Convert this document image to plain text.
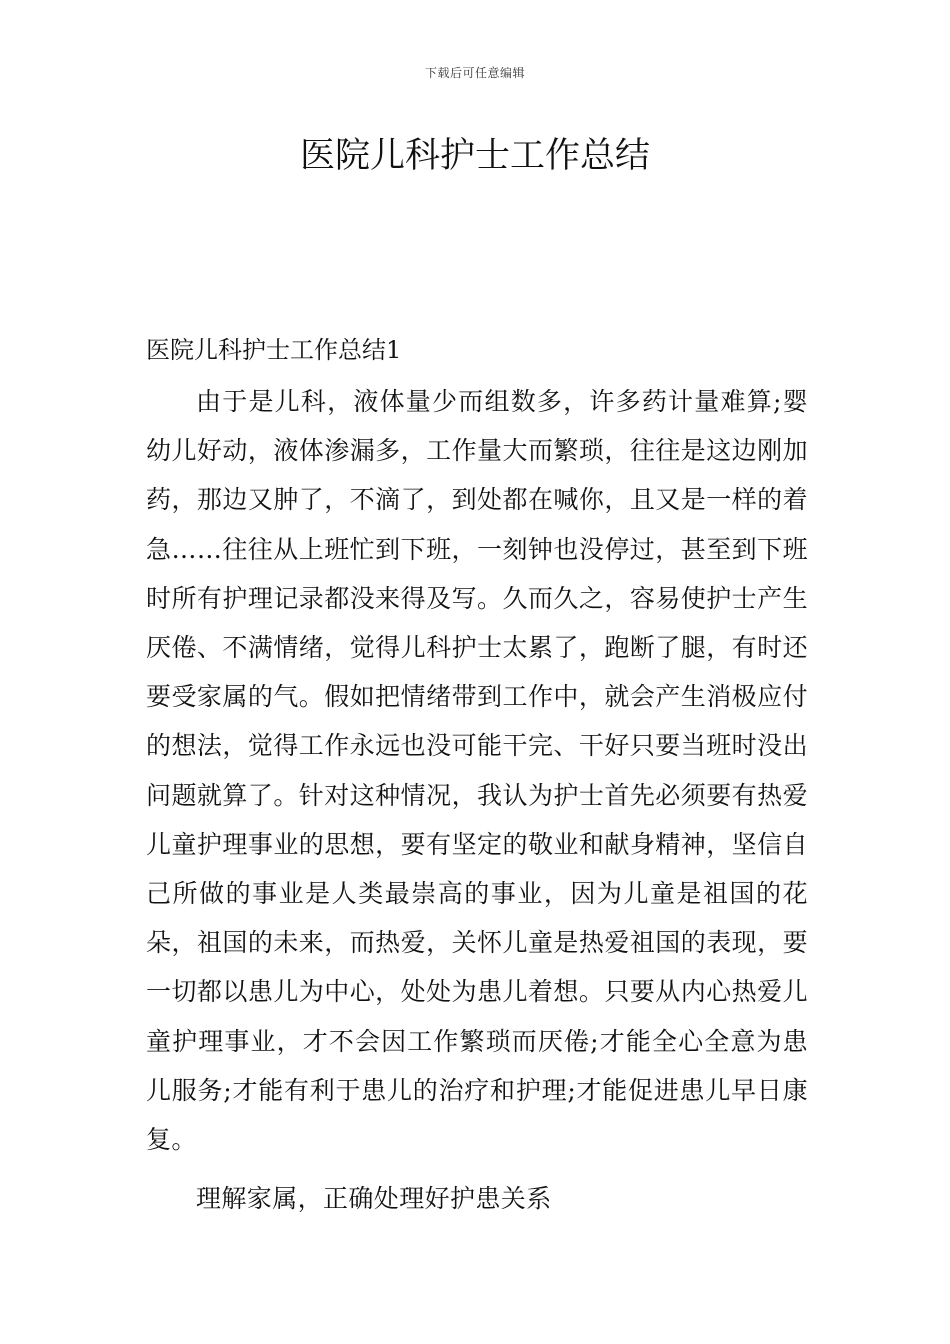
下载后可任意编辑
医院儿科护士工作总结
医院儿科护士工作总结1

由于是儿科，液体量少而组数多，许多药计量难算;婴幼儿好动，液体渗漏多，工作量大而繁琐，往往是这边刚加药，那边又肿了，不滴了，到处都在喊你，且又是一样的着急……往往从上班忙到下班，一刻钟也没停过，甚至到下班时所有护理记录都没来得及写。久而久之，容易使护士产生厌倦、不满情绪，觉得儿科护士太累了，跑断了腿，有时还要受家属的气。假如把情绪带到工作中，就会产生消极应付的想法，觉得工作永远也没可能干完、干好只要当班时没出问题就算了。针对这种情况，我认为护士首先必须要有热爱儿童护理事业的思想，要有坚定的敬业和献身精神，坚信自己所做的事业是人类最崇高的事业，因为儿童是祖国的花朵，祖国的未来，而热爱，关怀儿童是热爱祖国的表现，要一切都以患儿为中心，处处为患儿着想。只要从内心热爱儿童护理事业，才不会因工作繁琐而厌倦;才能全心全意为患儿服务;才能有利于患儿的治疗和护理;才能促进患儿早日康复。

理解家属，正确处理好护患关系
